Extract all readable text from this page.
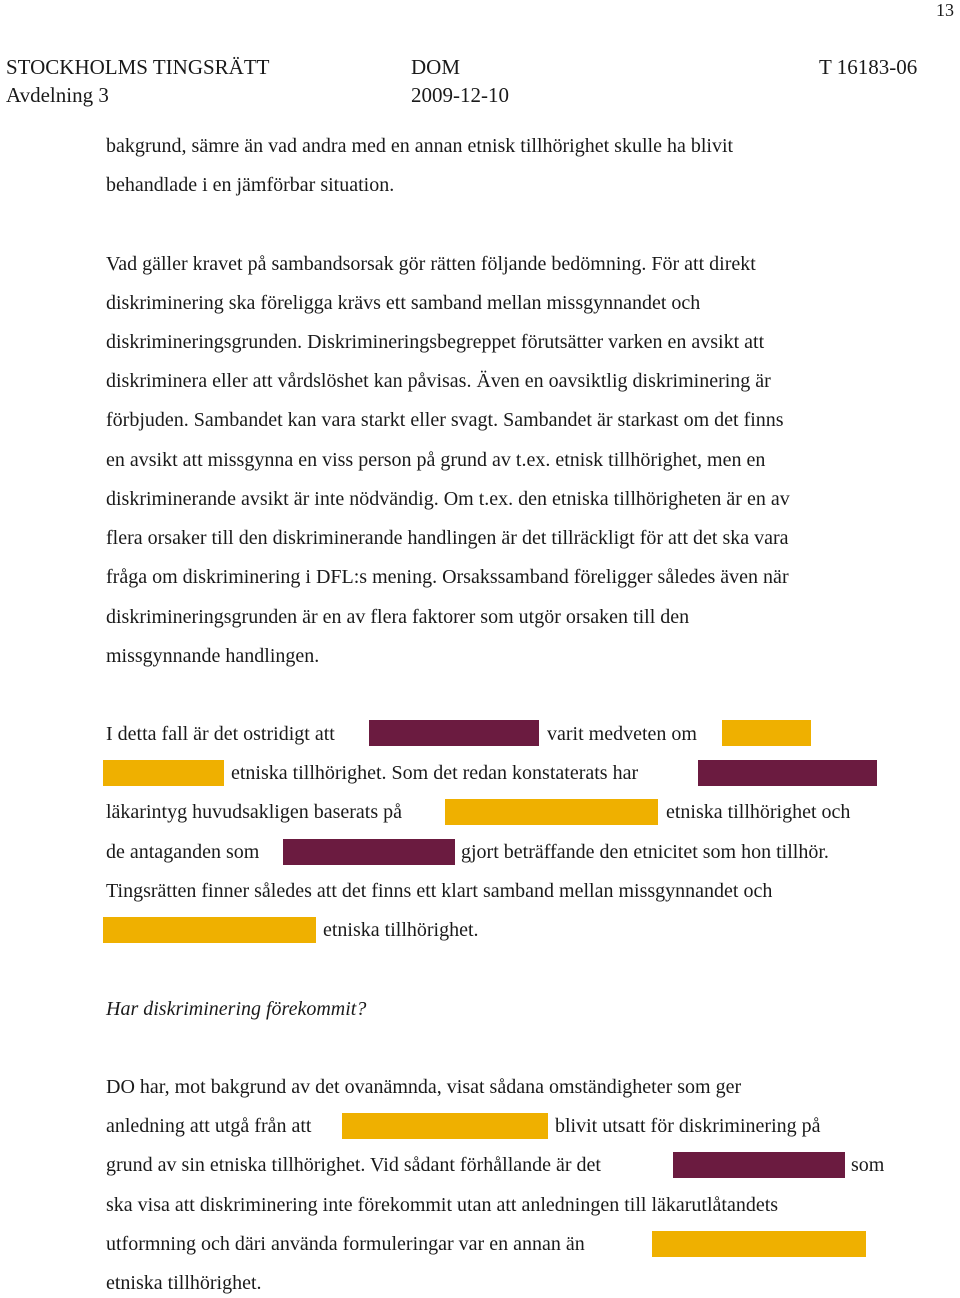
13
STOCKHOLMS TINGSRÄTT
Avdelning 3
DOM
2009-12-10
T 16183-06
bakgrund, sämre än vad andra med en annan etnisk tillhörighet skulle ha blivit
behandlade i en jämförbar situation.
Vad gäller kravet på sambandsorsak gör rätten följande bedömning. För att direkt
diskriminering ska föreligga krävs ett samband mellan missgynnandet och
diskrimineringsgrunden. Diskrimineringsbegreppet förutsätter varken en avsikt att
diskriminera eller att vårdslöshet kan påvisas. Även en oavsiktlig diskriminering är
förbjuden. Sambandet kan vara starkt eller svagt. Sambandet är starkast om det finns
en avsikt att missgynna en viss person på grund av t.ex. etnisk tillhörighet, men en
diskriminerande avsikt är inte nödvändig. Om t.ex. den etniska tillhörigheten är en av
flera orsaker till den diskriminerande handlingen är det tillräckligt för att det ska vara
fråga om diskriminering i DFL:s mening. Orsakssamband föreligger således även när
diskrimineringsgrunden är en av flera faktorer som utgör orsaken till den
missgynnande handlingen.
I detta fall är det ostridigt att	varit medveten om
etniska tillhörighet. Som det redan konstaterats har
läkarintyg huvudsakligen baserats på	etniska tillhörighet och
de antaganden som	gjort beträffande den etnicitet som hon tillhör.
Tingsrätten finner således att det finns ett klart samband mellan missgynnandet och
etniska tillhörighet.
Har diskriminering förekommit?
DO har, mot bakgrund av det ovanämnda, visat sådana omständigheter som ger
anledning att utgå från att	blivit utsatt för diskriminering på
grund av sin etniska tillhörighet. Vid sådant förhållande är det	som
ska visa att diskriminering inte förekommit utan att anledningen till läkarutlåtandets
utformning och däri använda formuleringar var en annan än
etniska tillhörighet.
